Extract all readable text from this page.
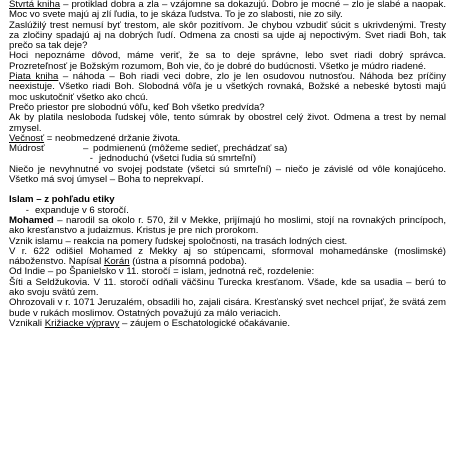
Štvrtá kniha – protiklad dobra a zla – vzájomne sa dokazujú. Dobro je mocné – zlo je slabé a naopak. Moc vo svete majú aj zlí ľudia, to je skáza ľudstva. To je zo slabosti, nie zo sily.

Zaslúžilý trest nemusí byť trestom, ale skôr pozitívom. Je chybou vzbudiť súcit s ukrivdenými. Tresty za zločiny spadajú aj na dobrých ľudí. Odmena za cnosti sa ujde aj nepoctivým. Svet riadi Boh, tak prečo sa tak deje?

Hoci nepoznáme dôvod, máme veriť, že sa to deje správne, lebo svet riadi dobrý správca. Prozreteľnosť je Božským rozumom, Boh vie, čo je dobré do budúcnosti. Všetko je múdro riadené.

Piata kniha – náhoda – Boh riadi veci dobre, zlo je len osudovou nutnosťou. Náhoda bez príčiny neexistuje. Všetko riadi Boh. Slobodná vôľa je u všetkých rovnaká, Božské a nebeské bytosti majú moc uskutočniť všetko ako chcú.

Prečo priestor pre slobodnú vôľu, keď Boh všetko predvída?

Ak by platila nesloboda ľudskej vôle, tento súmrak by obostrel celý život. Odmena a trest by nemal zmysel.

Večnosť = neobmedzené držanie života.

Múdrosť	– podmienenú (môžeme sedieť, prechádzať sa)
- jednoduchú (všetci ľudia sú smrteľní)

Niečo je nevyhnutné vo svojej podstate (všetci sú smrteľní) – niečo je závislé od vôle konajúceho. Všetko má svoj úmysel – Boha to neprekvapí.

Islam – z pohľadu etiky

- expanduje v 6 storočí.

Mohamed – narodil sa okolo r. 570, žil v Mekke, prijímajú ho moslimi, stojí na rovnakých princípoch, ako kresťanstvo a judaizmus. Kristus je pre nich prorokom.

Vznik islamu – reakcia na pomery ľudskej spoločnosti, na trasách lodných ciest.

V r. 622 odišiel Mohamed z Mekky aj so stúpencami, sformoval mohamedánske (moslimské) náboženstvo. Napísal Korán (ústna a písomná podoba).

Od Indie – po Španielsko v 11. storočí = islam, jednotná reč, rozdelenie:

Šíti a Seldžukovia. V 11. storočí odňali väčšinu Turecka kresťanom. Všade, kde sa usadia – berú to ako svoju svätú zem.

Ohrozovali v r. 1071 Jeruzalém, obsadili ho, zajali cisára. Kresťanský svet nechcel priјať, že svätá zem bude v rukách moslimov. Ostatných považujú za málo veriacich.

Vznikali Križiacke výpravy – záujem o Eschatologické očakávanie.
